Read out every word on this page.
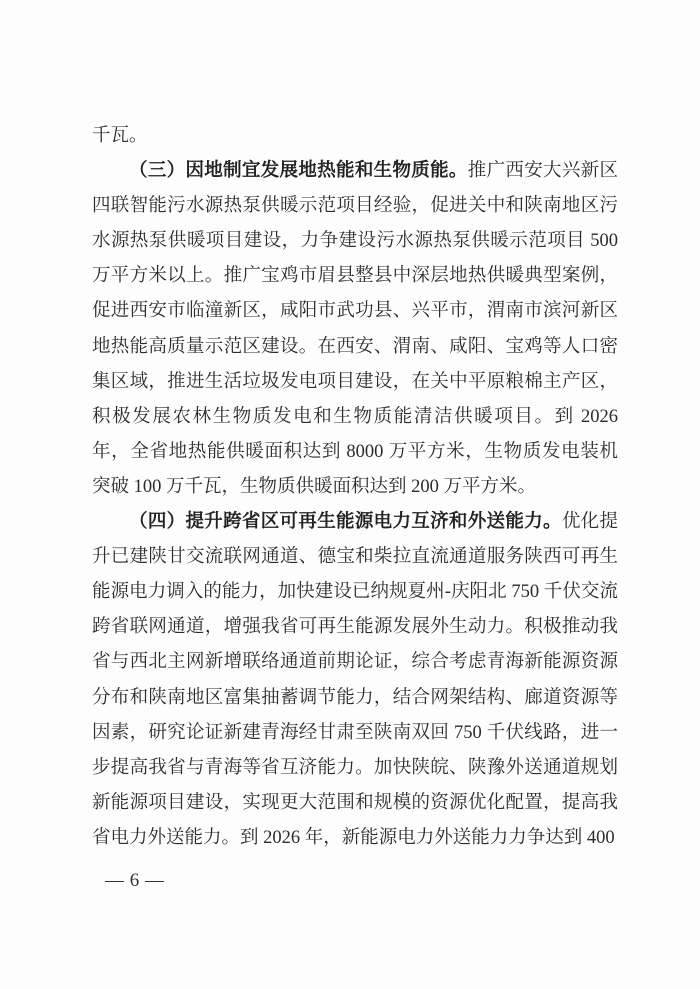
千瓦。

（三）因地制宜发展地热能和生物质能。推广西安大兴新区四联智能污水源热泵供暖示范项目经验，促进关中和陕南地区污水源热泵供暖项目建设，力争建设污水源热泵供暖示范项目 500 万平方米以上。推广宝鸡市眉县整县中深层地热供暖典型案例，促进西安市临潼新区，咸阳市武功县、兴平市，渭南市滨河新区地热能高质量示范区建设。在西安、渭南、咸阳、宝鸡等人口密集区域，推进生活垃圾发电项目建设，在关中平原粮棉主产区，积极发展农林生物质发电和生物质能清洁供暖项目。到 2026 年，全省地热能供暖面积达到 8000 万平方米，生物质发电装机突破 100 万千瓦，生物质供暖面积达到 200 万平方米。

（四）提升跨省区可再生能源电力互济和外送能力。优化提升已建陕甘交流联网通道、德宝和柴拉直流通道服务陕西可再生能源电力调入的能力，加快建设已纳规夏州-庆阳北 750 千伏交流跨省联网通道，增强我省可再生能源发展外生动力。积极推动我省与西北主网新增联络通道前期论证，综合考虑青海新能源资源分布和陕南地区富集抽蓄调节能力，结合网架结构、廊道资源等因素，研究论证新建青海经甘肃至陕南双回 750 千伏线路，进一步提高我省与青海等省互济能力。加快陕皖、陕豫外送通道规划新能源项目建设，实现更大范围和规模的资源优化配置，提高我省电力外送能力。到 2026 年，新能源电力外送能力力争达到 400

— 6 —
